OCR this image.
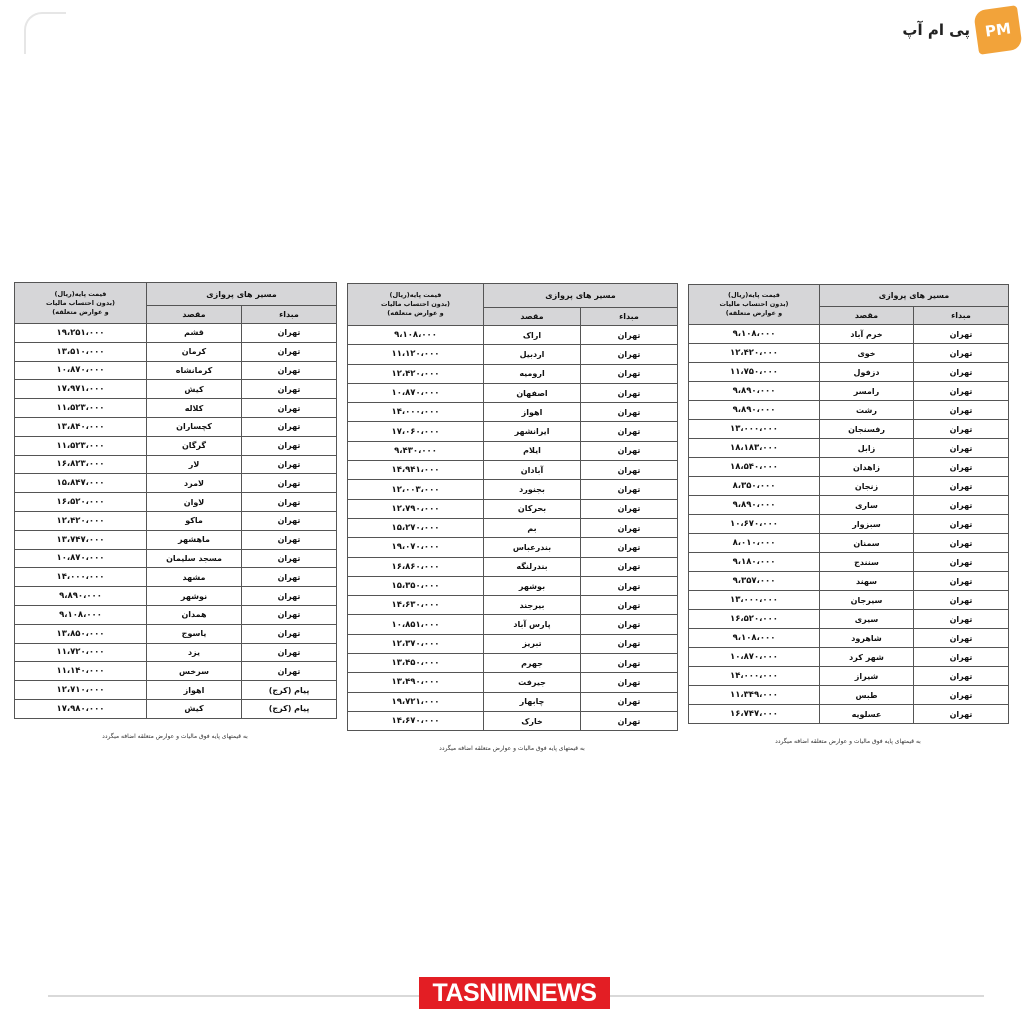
پی ام آپ PM
مسیر های پروازی		قیمت پایه(ریال)
(بدون احتساب مالیات
و عوارض متعلقه)

مبداء	مقصد	
تهران	خرم آباد	۹،۱۰۸،۰۰۰
تهران	خوی	۱۲،۴۲۰،۰۰۰
تهران	دزفول	۱۱،۷۵۰،۰۰۰
تهران	رامسر	۹،۸۹۰،۰۰۰
تهران	رشت	۹،۸۹۰،۰۰۰
تهران	رفسنجان	۱۳،۰۰۰،۰۰۰
تهران	زابل	۱۸،۱۸۳،۰۰۰
تهران	زاهدان	۱۸،۵۴۰،۰۰۰
تهران	زنجان	۸،۳۵۰،۰۰۰
تهران	ساری	۹،۸۹۰،۰۰۰
تهران	سبزوار	۱۰،۶۷۰،۰۰۰
تهران	سمنان	۸،۰۱۰،۰۰۰
تهران	سنندج	۹،۱۸۰،۰۰۰
تهران	سهند	۹،۳۵۷،۰۰۰
تهران	سیرجان	۱۳،۰۰۰،۰۰۰
تهران	سیری	۱۶،۵۲۰،۰۰۰
تهران	شاهرود	۹،۱۰۸،۰۰۰
تهران	شهر کرد	۱۰،۸۷۰،۰۰۰
تهران	شیراز	۱۴،۰۰۰،۰۰۰
تهران	طبس	۱۱،۳۴۹،۰۰۰
تهران	عسلویه	۱۶،۷۴۷،۰۰۰
به قیمتهای پایه فوق مالیات و عوارض متعلقه اضافه میگردد
مسیر های پروازی		قیمت پایه(ریال)
(بدون احتساب مالیات
و عوارض متعلقه)

مبداء	مقصد	
تهران	اراک	۹،۱۰۸،۰۰۰
تهران	اردبیل	۱۱،۱۲۰،۰۰۰
تهران	ارومیه	۱۲،۴۲۰،۰۰۰
تهران	اصفهان	۱۰،۸۷۰،۰۰۰
تهران	اهواز	۱۴،۰۰۰،۰۰۰
تهران	ایرانشهر	۱۷،۰۶۰،۰۰۰
تهران	ایلام	۹،۴۳۰،۰۰۰
تهران	آبادان	۱۴،۹۴۱،۰۰۰
تهران	بجنورد	۱۲،۰۰۳،۰۰۰
تهران	بحرکان	۱۲،۷۹۰،۰۰۰
تهران	بم	۱۵،۲۷۰،۰۰۰
تهران	بندرعباس	۱۹،۰۷۰،۰۰۰
تهران	بندرلنگه	۱۶،۸۶۰،۰۰۰
تهران	بوشهر	۱۵،۳۵۰،۰۰۰
تهران	بیرجند	۱۴،۶۳۰،۰۰۰
تهران	پارس آباد	۱۰،۸۵۱،۰۰۰
تهران	تبریز	۱۲،۳۷۰،۰۰۰
تهران	جهرم	۱۳،۴۵۰،۰۰۰
تهران	جیرفت	۱۳،۴۹۰،۰۰۰
تهران	چابهار	۱۹،۷۲۱،۰۰۰
تهران	خارک	۱۴،۶۷۰،۰۰۰
به قیمتهای پایه فوق مالیات و عوارض متعلقه اضافه میگردد
مسیر های پروازی		قیمت پایه(ریال)
(بدون احتساب مالیات
و عوارض متعلقه)

مبداء	مقصد	
تهران	قشم	۱۹،۲۵۱،۰۰۰
تهران	کرمان	۱۳،۵۱۰،۰۰۰
تهران	کرمانشاه	۱۰،۸۷۰،۰۰۰
تهران	کیش	۱۷،۹۷۱،۰۰۰
تهران	کلاله	۱۱،۵۲۳،۰۰۰
تهران	کچساران	۱۳،۸۴۰،۰۰۰
تهران	گرگان	۱۱،۵۲۳،۰۰۰
تهران	لار	۱۶،۸۲۳،۰۰۰
تهران	لامرد	۱۵،۸۴۷،۰۰۰
تهران	لاوان	۱۶،۵۲۰،۰۰۰
تهران	ماکو	۱۲،۴۲۰،۰۰۰
تهران	ماهشهر	۱۳،۷۴۷،۰۰۰
تهران	مسجد سلیمان	۱۰،۸۷۰،۰۰۰
تهران	مشهد	۱۴،۰۰۰،۰۰۰
تهران	نوشهر	۹،۸۹۰،۰۰۰
تهران	همدان	۹،۱۰۸،۰۰۰
تهران	یاسوج	۱۳،۸۵۰،۰۰۰
تهران	یزد	۱۱،۷۲۰،۰۰۰
تهران	سرخس	۱۱،۱۴۰،۰۰۰
پیام (کرج)	اهواز	۱۲،۷۱۰،۰۰۰
پیام (کرج)	کیش	۱۷،۹۸۰،۰۰۰
به قیمتهای پایه فوق مالیات و عوارض متعلقه اضافه میگردد
TASNIMNEWS
